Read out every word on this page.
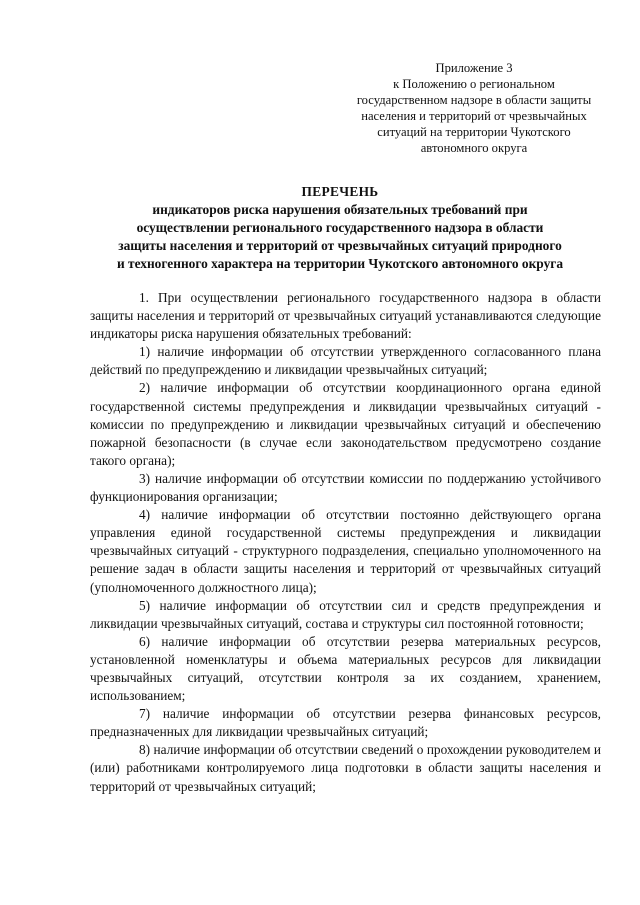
Приложение 3
к Положению о региональном
государственном надзоре в области защиты
населения и территорий от чрезвычайных
ситуаций на территории Чукотского
автономного округа
ПЕРЕЧЕНЬ
индикаторов риска нарушения обязательных требований при
осуществлении регионального государственного надзора в области
защиты населения и территорий от чрезвычайных ситуаций природного
и техногенного характера на территории Чукотского автономного округа

1. При осуществлении регионального государственного надзора в области защиты населения и территорий от чрезвычайных ситуаций устанавливаются следующие индикаторы риска нарушения обязательных требований:

1) наличие информации об отсутствии утвержденного согласованного плана действий по предупреждению и ликвидации чрезвычайных ситуаций;

2) наличие информации об отсутствии координационного органа единой государственной системы предупреждения и ликвидации чрезвычайных ситуаций - комиссии по предупреждению и ликвидации чрезвычайных ситуаций и обеспечению пожарной безопасности (в случае если законодательством предусмотрено создание такого органа);

3) наличие информации об отсутствии комиссии по поддержанию устойчивого функционирования организации;

4) наличие информации об отсутствии постоянно действующего органа управления единой государственной системы предупреждения и ликвидации чрезвычайных ситуаций - структурного подразделения, специально уполномоченного на решение задач в области защиты населения и территорий от чрезвычайных ситуаций (уполномоченного должностного лица);

5) наличие информации об отсутствии сил и средств предупреждения и ликвидации чрезвычайных ситуаций, состава и структуры сил постоянной готовности;

6) наличие информации об отсутствии резерва материальных ресурсов, установленной номенклатуры и объема материальных ресурсов для ликвидации чрезвычайных ситуаций, отсутствии контроля за их созданием, хранением, использованием;

7) наличие информации об отсутствии резерва финансовых ресурсов, предназначенных для ликвидации чрезвычайных ситуаций;

8) наличие информации об отсутствии сведений о прохождении руководителем и (или) работниками контролируемого лица подготовки в области защиты населения и территорий от чрезвычайных ситуаций;
